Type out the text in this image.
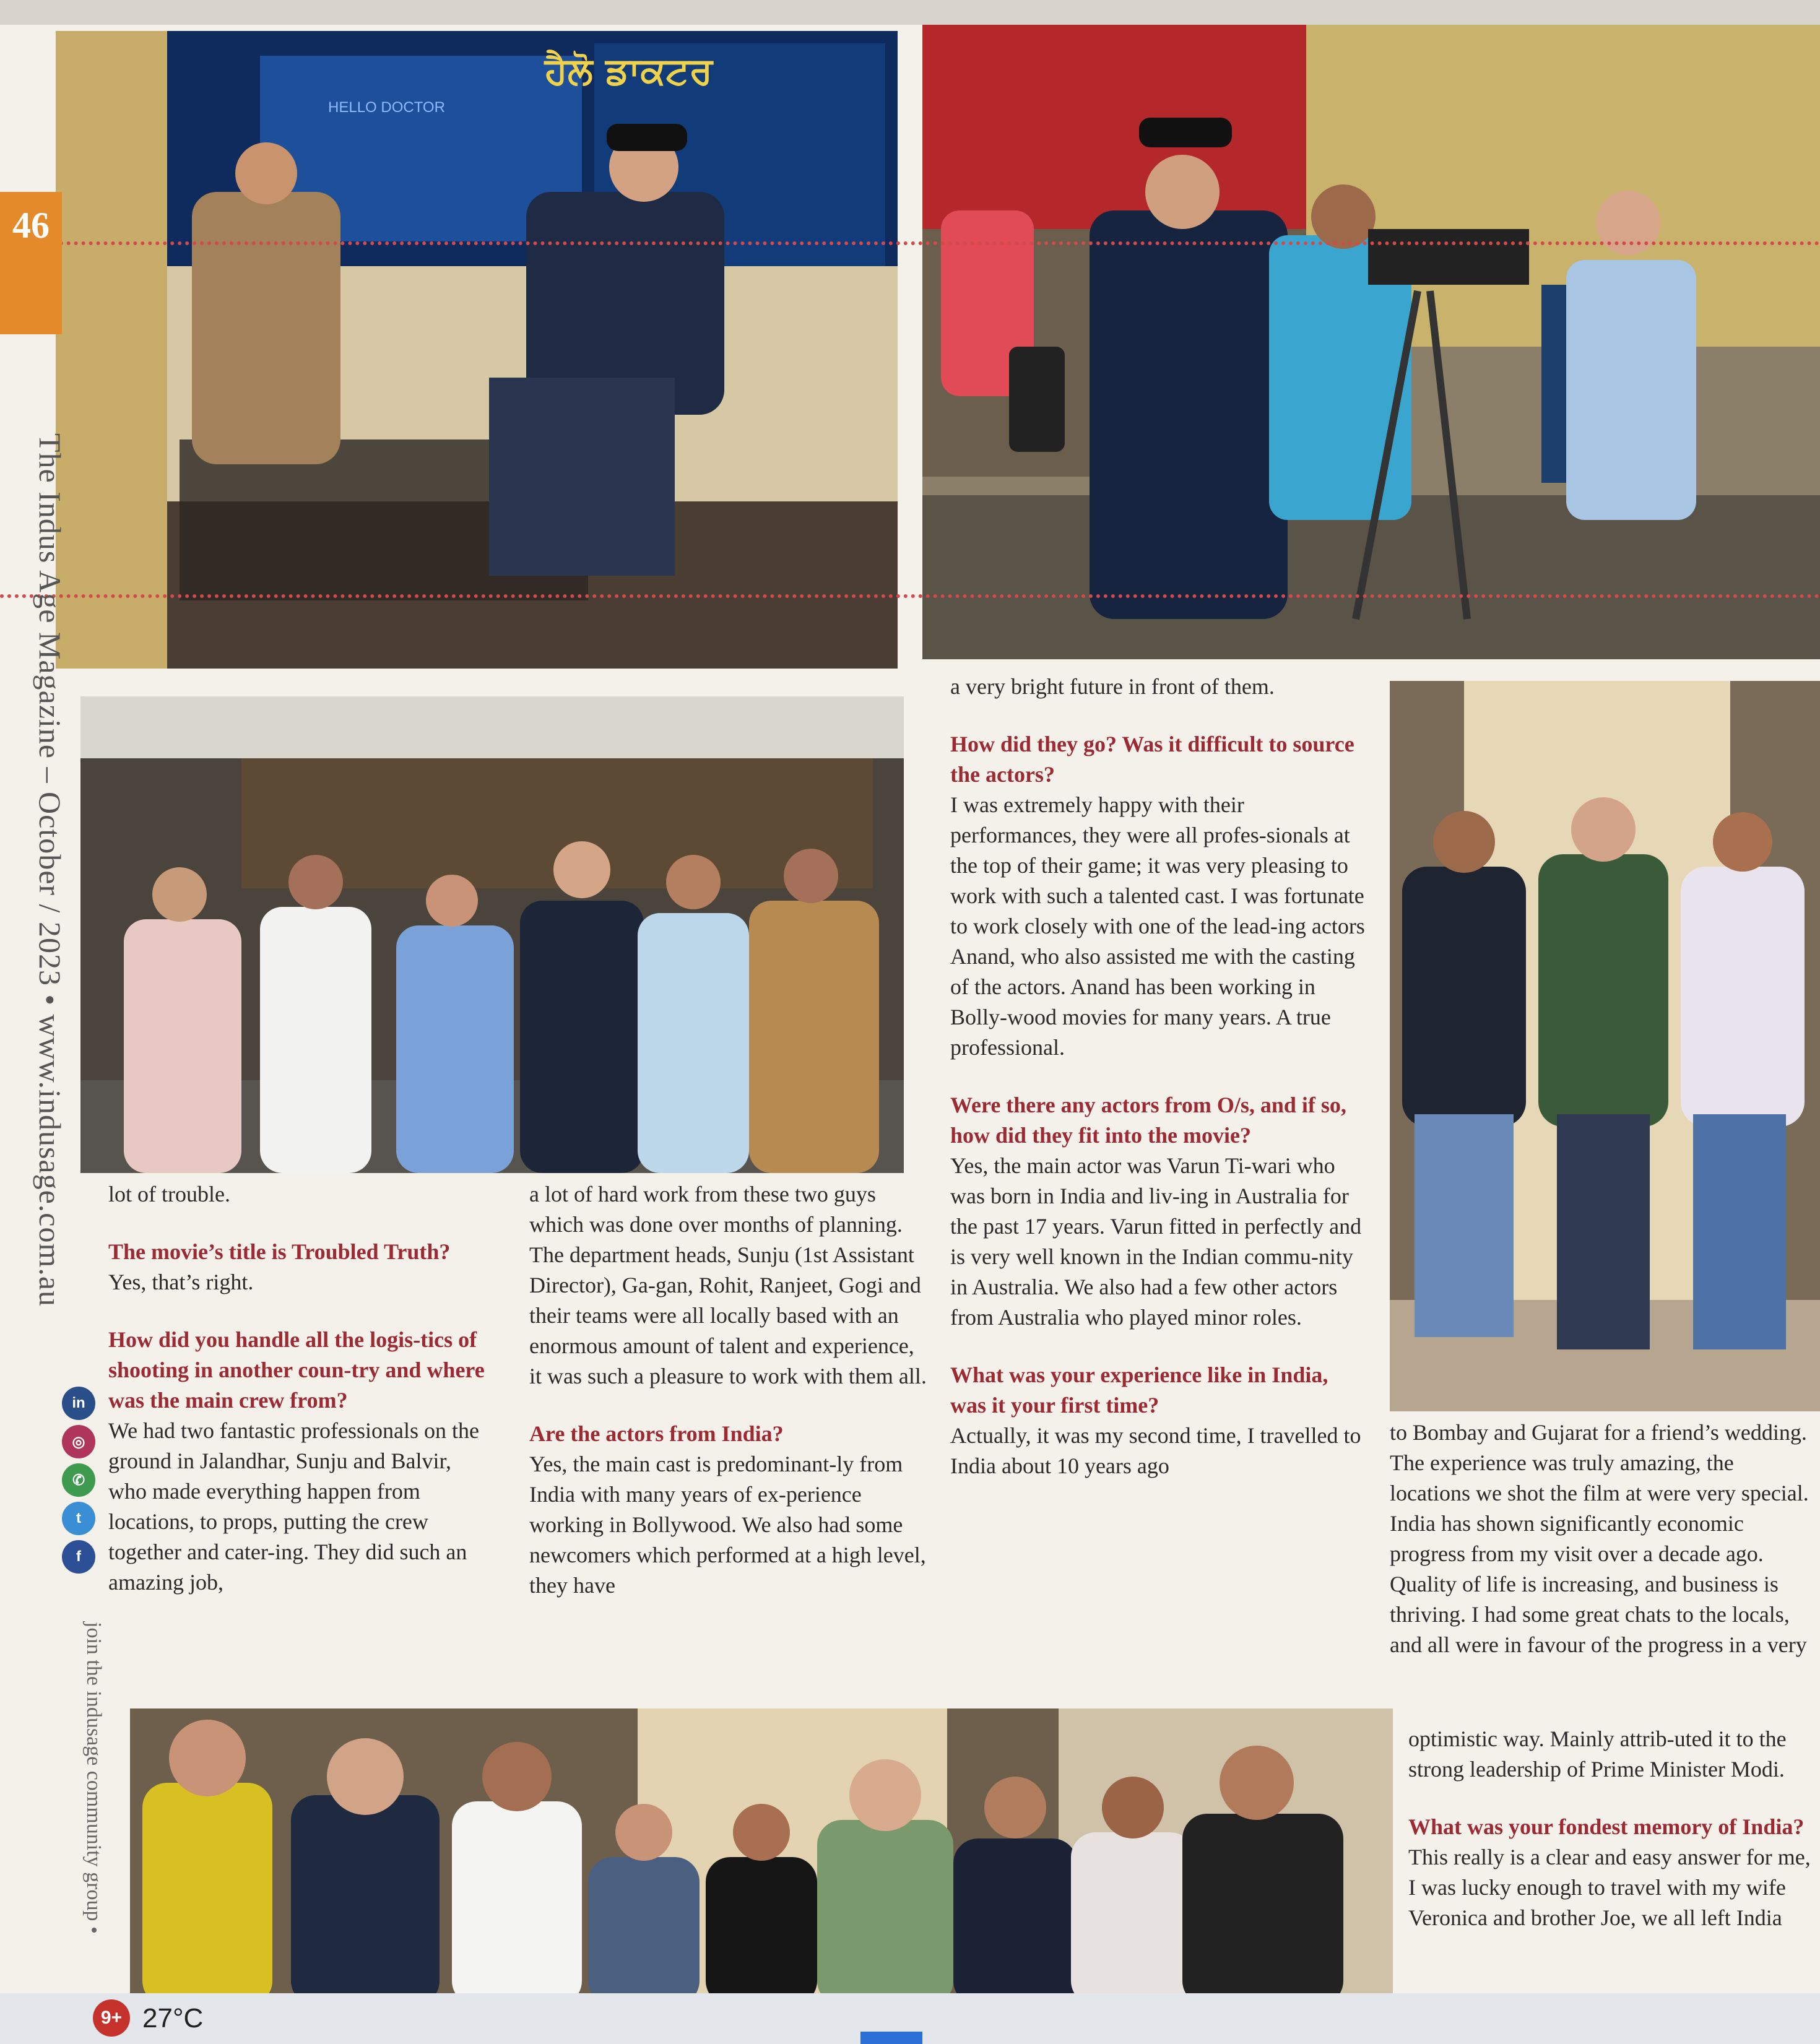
ਹੈਲੋ ਡਾਕਟਰ
HELLO DOCTOR
46
The Indus Age Magazine – October / 2023 • www.indusage.com.au
in
◎
✆
t
f
join the indusage community group •

lot of trouble.

The movie’s title is Troubled Truth?

Yes, that’s right.

How did you handle all the logis-tics of shooting in another coun-try and where was the main crew from?

We had two fantastic professionals on the ground in Jalandhar, Sunju and Balvir, who made everything happen from locations, to props, putting the crew together and cater-ing. They did such an amazing job,

a lot of hard work from these two guys which was done over months of planning. The department heads, Sunju (1st Assistant Director), Ga-gan, Rohit, Ranjeet, Gogi and their teams were all locally based with an enormous amount of talent and experience, it was such a pleasure to work with them all.

Are the actors from India?

Yes, the main cast is predominant-ly from India with many years of ex-perience working in Bollywood. We also had some newcomers which performed at a high level, they have

a very bright future in front of them.

How did they go? Was it difficult to source the actors?

I was extremely happy with their performances, they were all profes-sionals at the top of their game; it was very pleasing to work with such a talented cast. I was fortunate to work closely with one of the lead-ing actors Anand, who also assisted me with the casting of the actors. Anand has been working in Bolly-wood movies for many years. A true professional.

Were there any actors from O/s, and if so, how did they fit into the movie?

Yes, the main actor was Varun Ti-wari who was born in India and liv-ing in Australia for the past 17 years. Varun fitted in perfectly and is very well known in the Indian commu-nity in Australia. We also had a few other actors from Australia who played minor roles.

What was your experience like in India, was it your first time?

Actually, it was my second time, I travelled to India about 10 years ago

to Bombay and Gujarat for a friend’s wedding. The experience was truly amazing, the locations we shot the film at were very special. India has shown significantly economic progress from my visit over a decade ago. Quality of life is increasing, and business is thriving. I had some great chats to the locals, and all were in favour of the progress in a very

optimistic way. Mainly attrib-uted it to the strong leadership of Prime Minister Modi.

What was your fondest memory of India?

This really is a clear and easy answer for me, I was lucky enough to travel with my wife Veronica and brother Joe, we all left India

9+ 27°C
